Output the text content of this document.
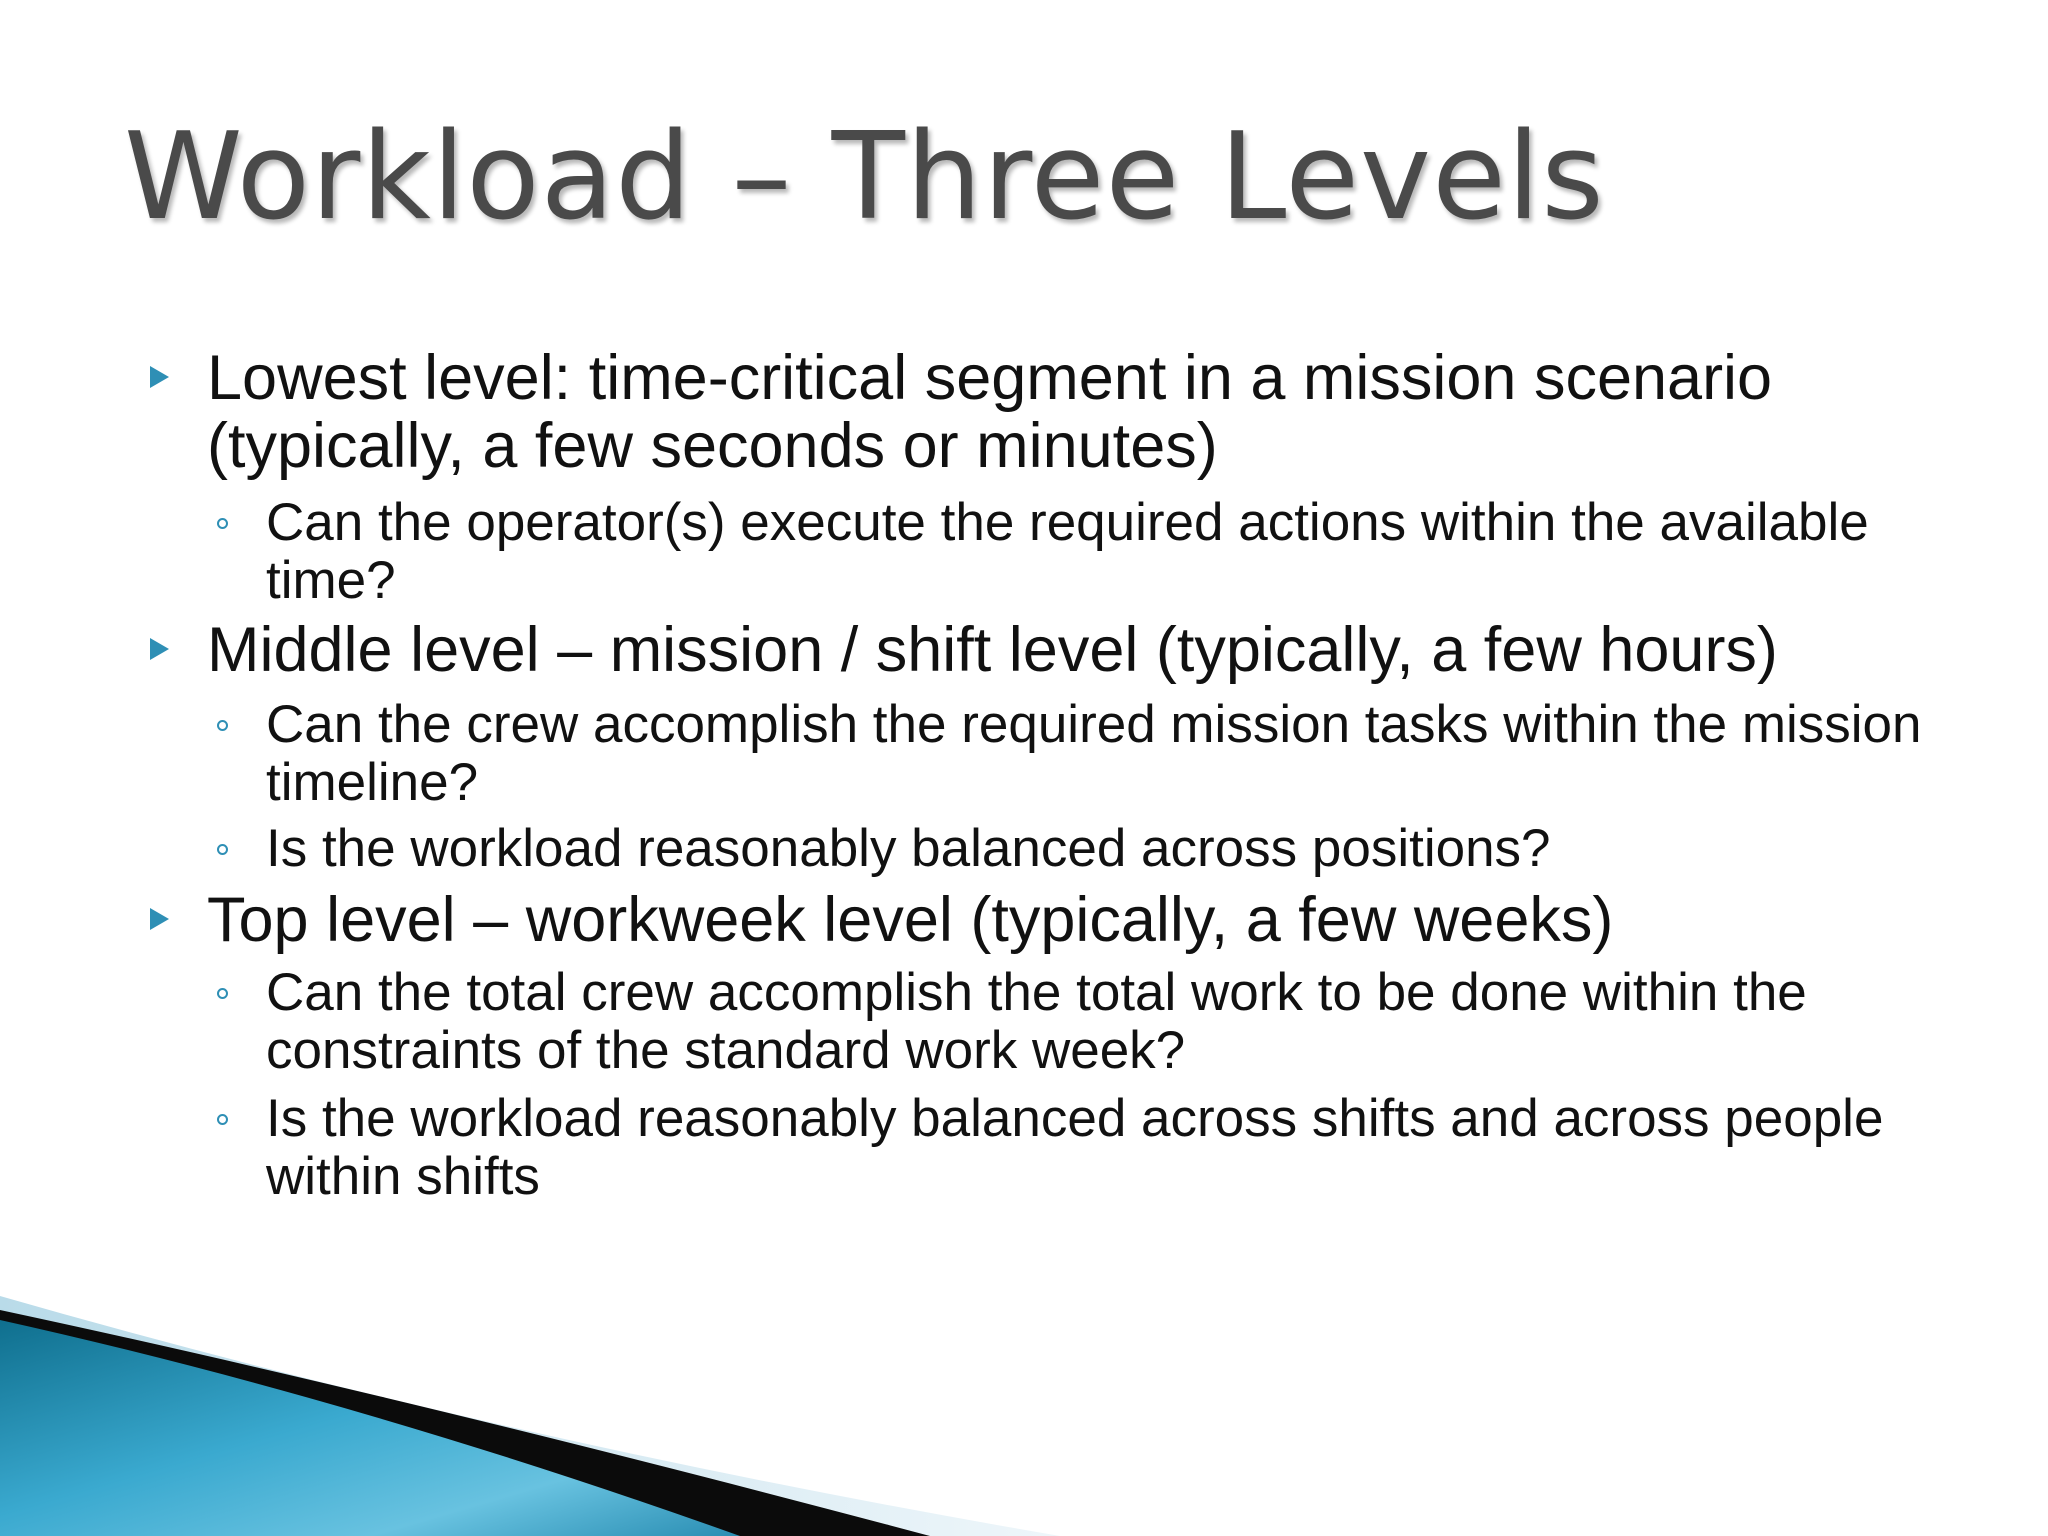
Workload – Three Levels
Lowest level: time-critical segment in a mission scenario (typically, a few seconds or minutes)
Can the operator(s) execute the required actions within the available time?
Middle level – mission / shift level (typically, a few hours)
Can the crew accomplish the required mission tasks within the mission timeline?
Is the workload reasonably balanced across positions?
Top level – workweek level (typically, a few weeks)
Can the total crew accomplish the total work to be done within the constraints of the standard work week?
Is the workload reasonably balanced across shifts and across people within shifts
